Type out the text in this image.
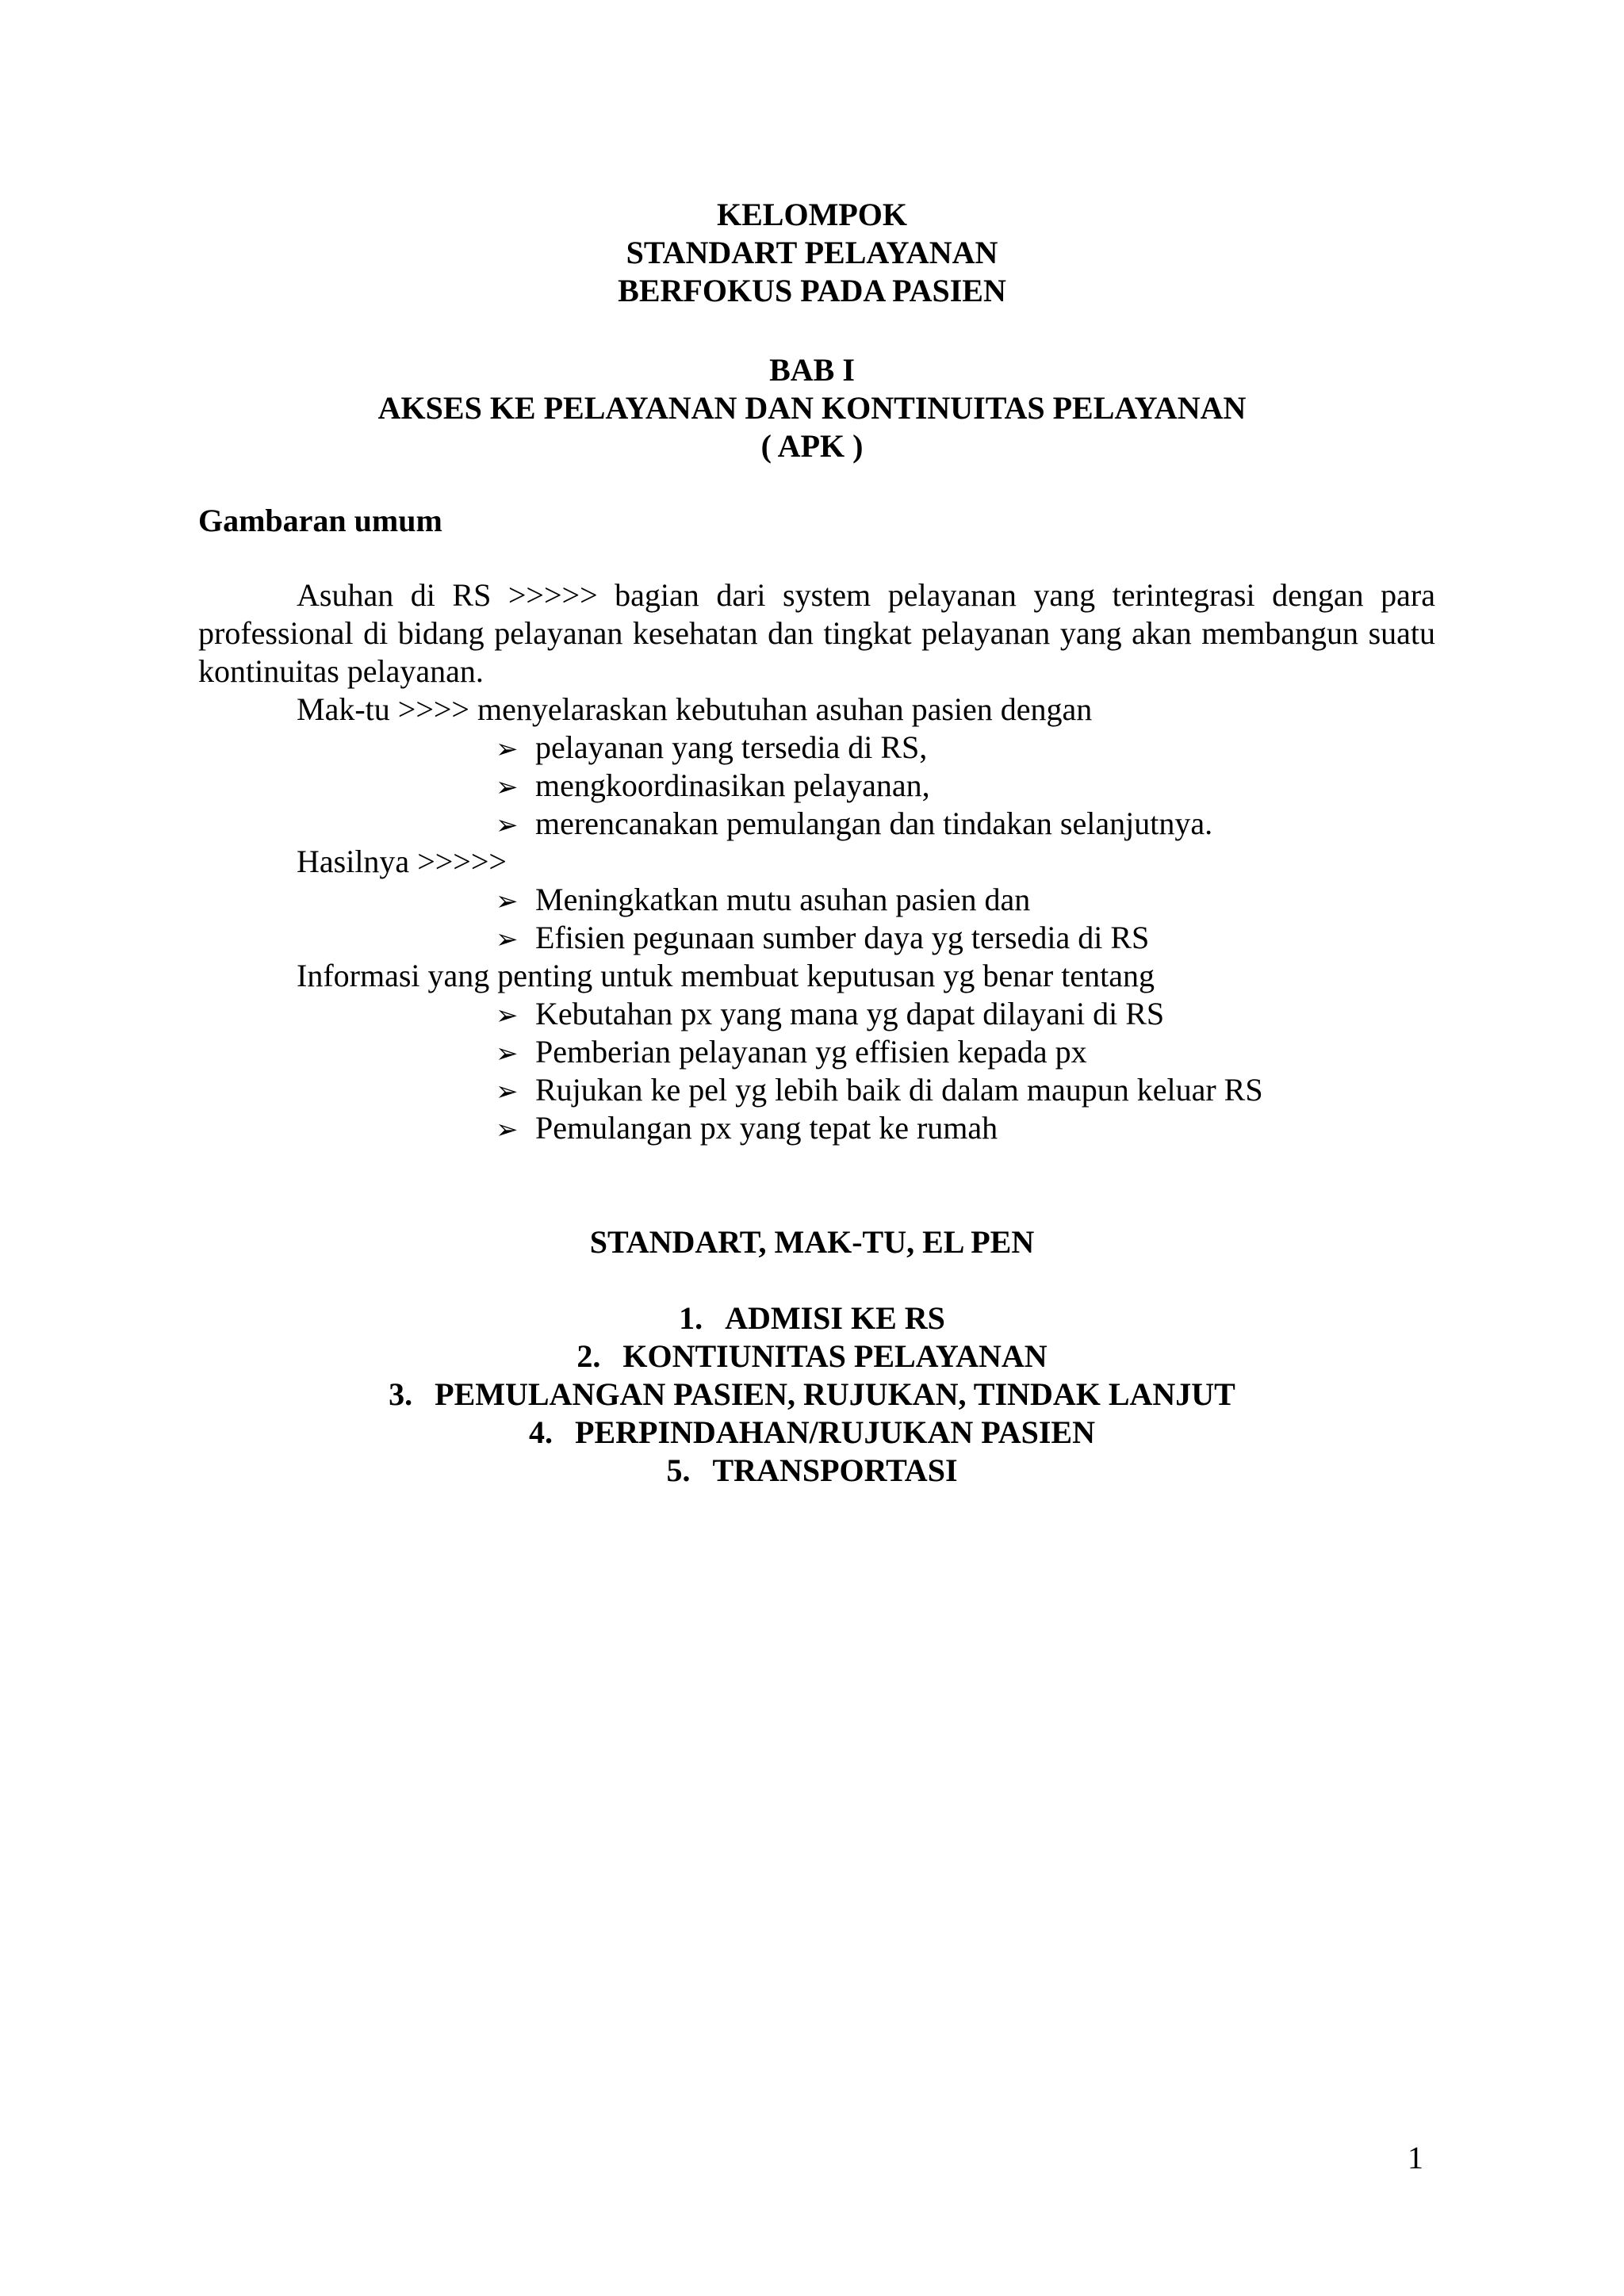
KELOMPOK
STANDART PELAYANAN
BERFOKUS PADA PASIEN
BAB I
AKSES KE PELAYANAN DAN KONTINUITAS PELAYANAN
( APK )
Gambaran umum

Asuhan di RS >>>>> bagian dari system pelayanan yang terintegrasi dengan para professional di bidang pelayanan kesehatan dan tingkat pelayanan yang akan membangun suatu kontinuitas pelayanan.

Mak-tu >>>> menyelaraskan kebutuhan asuhan pasien dengan
➢ pelayanan yang tersedia di RS,
➢ mengkoordinasikan pelayanan,
➢ merencanakan pemulangan dan tindakan selanjutnya.
Hasilnya >>>>>
➢ Meningkatkan mutu asuhan pasien dan
➢ Efisien pegunaan sumber daya yg tersedia di RS
Informasi yang penting untuk membuat keputusan yg benar tentang
➢ Kebutahan px yang mana yg dapat dilayani di RS
➢ Pemberian pelayanan yg effisien kepada px
➢ Rujukan ke pel yg lebih baik di dalam maupun keluar RS
➢ Pemulangan px yang tepat ke rumah
STANDART, MAK-TU, EL PEN
1. ADMISI KE RS
2. KONTIUNITAS PELAYANAN
3. PEMULANGAN PASIEN, RUJUKAN, TINDAK LANJUT
4. PERPINDAHAN/RUJUKAN PASIEN
5. TRANSPORTASI
1
